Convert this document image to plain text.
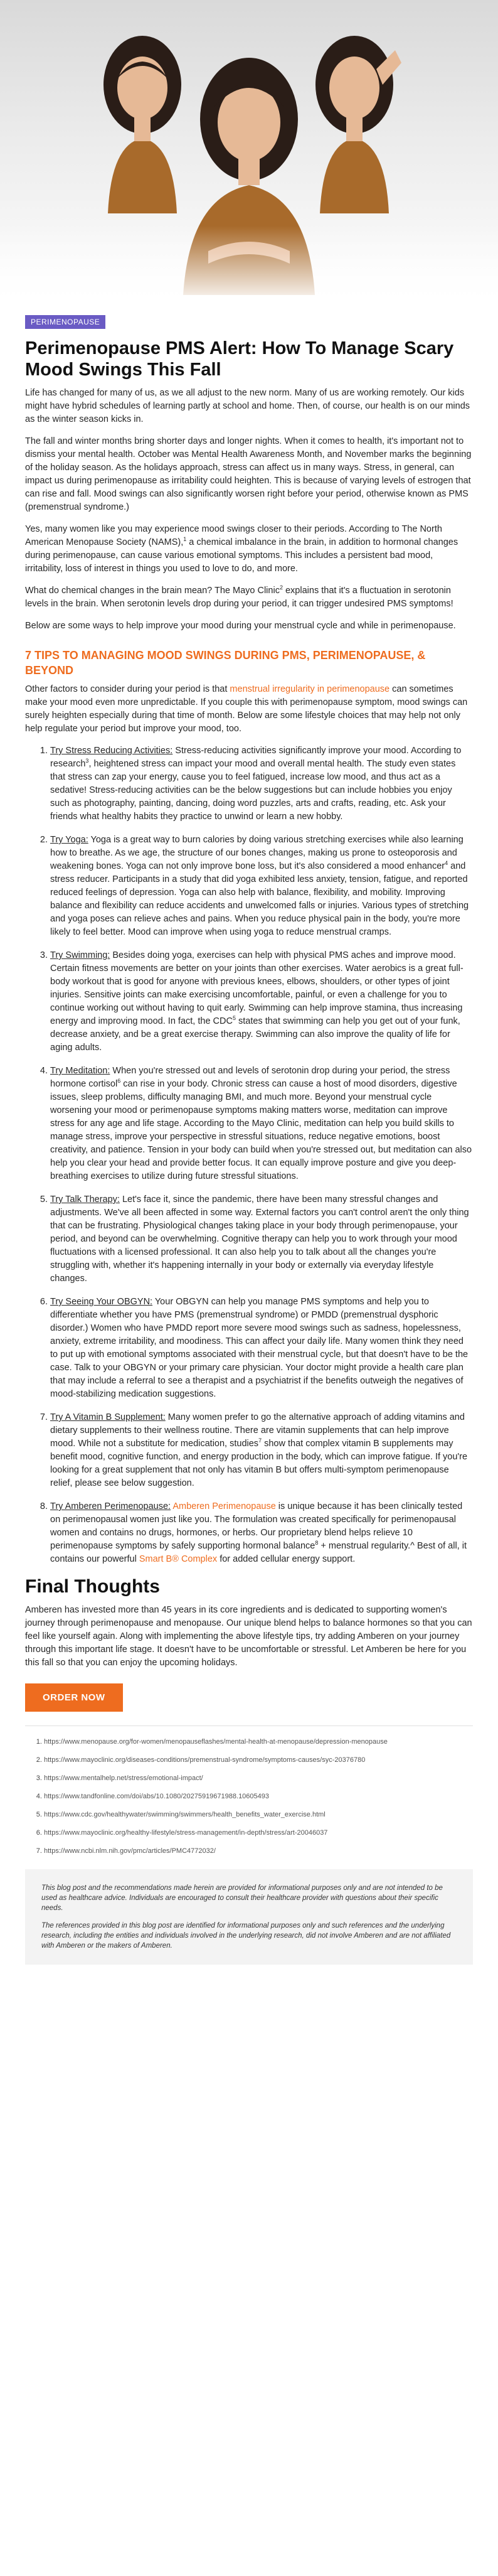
PERIMENOPAUSE
Perimenopause PMS Alert: How To Manage Scary Mood Swings This Fall

Life has changed for many of us, as we all adjust to the new norm. Many of us are working remotely. Our kids might have hybrid schedules of learning partly at school and home. Then, of course, our health is on our minds as the winter season kicks in.

The fall and winter months bring shorter days and longer nights. When it comes to health, it's important not to dismiss your mental health. October was Mental Health Awareness Month, and November marks the beginning of the holiday season. As the holidays approach, stress can affect us in many ways. Stress, in general, can impact us during perimenopause as irritability could heighten. This is because of varying levels of estrogen that can rise and fall. Mood swings can also significantly worsen right before your period, otherwise known as PMS (premenstrual syndrome.)

Yes, many women like you may experience mood swings closer to their periods. According to The North American Menopause Society (NAMS),$^1$ a chemical imbalance in the brain, in addition to hormonal changes during perimenopause, can cause various emotional symptoms. This includes a persistent bad mood, irritability, loss of interest in things you used to love to do, and more.

What do chemical changes in the brain mean? The Mayo Clinic$^2$ explains that it's a fluctuation in serotonin levels in the brain. When serotonin levels drop during your period, it can trigger undesired PMS symptoms!

Below are some ways to help improve your mood during your menstrual cycle and while in perimenopause.

7 TIPS TO MANAGING MOOD SWINGS DURING PMS, PERIMENOPAUSE, & BEYOND

Other factors to consider during your period is that menstrual irregularity in perimenopause can sometimes make your mood even more unpredictable. If you couple this with perimenopause symptom, mood swings can surely heighten especially during that time of month. Below are some lifestyle choices that may help not only help regulate your period but improve your mood, too.

1. Try Stress Reducing Activities: Stress-reducing activities significantly improve your mood. According to research$^3$, heightened stress can impact your mood and overall mental health. The study even states that stress can zap your energy, cause you to feel fatigued, increase low mood, and thus act as a sedative! Stress-reducing activities can be the below suggestions but can include hobbies you enjoy such as photography, painting, dancing, doing word puzzles, arts and crafts, reading, etc. Ask your friends what healthy habits they practice to unwind or learn a new hobby.
2. Try Yoga: Yoga is a great way to burn calories by doing various stretching exercises while also learning how to breathe. As we age, the structure of our bones changes, making us prone to osteoporosis and weakening bones. Yoga can not only improve bone loss, but it's also considered a mood enhancer$^4$ and stress reducer. Participants in a study that did yoga exhibited less anxiety, tension, fatigue, and reported reduced feelings of depression. Yoga can also help with balance, flexibility, and mobility. Improving balance and flexibility can reduce accidents and unwelcomed falls or injuries. Various types of stretching and yoga poses can relieve aches and pains. When you reduce physical pain in the body, you're more likely to feel better. Mood can improve when using yoga to reduce menstrual cramps.
3. Try Swimming: Besides doing yoga, exercises can help with physical PMS aches and improve mood. Certain fitness movements are better on your joints than other exercises. Water aerobics is a great full-body workout that is good for anyone with previous knees, elbows, shoulders, or other types of joint injuries. Sensitive joints can make exercising uncomfortable, painful, or even a challenge for you to continue working out without having to quit early. Swimming can help improve stamina, thus increasing energy and improving mood. In fact, the CDC$^5$ states that swimming can help you get out of your funk, decrease anxiety, and be a great exercise therapy. Swimming can also improve the quality of life for aging adults.
4. Try Meditation: When you're stressed out and levels of serotonin drop during your period, the stress hormone cortisol$^6$ can rise in your body. Chronic stress can cause a host of mood disorders, digestive issues, sleep problems, difficulty managing BMI, and much more. Beyond your menstrual cycle worsening your mood or perimenopause symptoms making matters worse, meditation can improve stress for any age and life stage. According to the Mayo Clinic, meditation can help you build skills to manage stress, improve your perspective in stressful situations, reduce negative emotions, boost creativity, and patience. Tension in your body can build when you're stressed out, but meditation can also help you clear your head and provide better focus. It can equally improve posture and give you deep-breathing exercises to utilize during future stressful situations.
5. Try Talk Therapy: Let's face it, since the pandemic, there have been many stressful changes and adjustments. We've all been affected in some way. External factors you can't control aren't the only thing that can be frustrating. Physiological changes taking place in your body through perimenopause, your period, and beyond can be overwhelming. Cognitive therapy can help you to work through your mood fluctuations with a licensed professional. It can also help you to talk about all the changes you're struggling with, whether it's happening internally in your body or externally via everyday lifestyle changes.
6. Try Seeing Your OBGYN: Your OBGYN can help you manage PMS symptoms and help you to differentiate whether you have PMS (premenstrual syndrome) or PMDD (premenstrual dysphoric disorder.) Women who have PMDD report more severe mood swings such as sadness, hopelessness, anxiety, extreme irritability, and moodiness. This can affect your daily life. Many women think they need to put up with emotional symptoms associated with their menstrual cycle, but that doesn't have to be the case. Talk to your OBGYN or your primary care physician. Your doctor might provide a health care plan that may include a referral to see a therapist and a psychiatrist if the benefits outweigh the negatives of mood-stabilizing medication suggestions.
7. Try A Vitamin B Supplement: Many women prefer to go the alternative approach of adding vitamins and dietary supplements to their wellness routine. There are vitamin supplements that can help improve mood. While not a substitute for medication, studies$^7$ show that complex vitamin B supplements may benefit mood, cognitive function, and energy production in the body, which can improve fatigue. If you're looking for a great supplement that not only has vitamin B but offers multi-symptom perimenopause relief, please see below suggestion.
8. Try Amberen Perimenopause: Amberen Perimenopause is unique because it has been clinically tested on perimenopausal women just like you. The formulation was created specifically for perimenopausal women and contains no drugs, hormones, or herbs. Our proprietary blend helps relieve 10 perimenopause symptoms by safely supporting hormonal balance$^8$ + menstrual regularity.^ Best of all, it contains our powerful Smart B® Complex for added cellular energy support.
Final Thoughts

Amberen has invested more than 45 years in its core ingredients and is dedicated to supporting women's journey through perimenopause and menopause. Our unique blend helps to balance hormones so that you can feel like yourself again. Along with implementing the above lifestyle tips, try adding Amberen on your journey through this important life stage. It doesn't have to be uncomfortable or stressful. Let Amberen be here for you this fall so that you can enjoy the upcoming holidays.

ORDER NOW
1. https://www.menopause.org/for-women/menopauseflashes/mental-health-at-menopause/depression-menopause
2. https://www.mayoclinic.org/diseases-conditions/premenstrual-syndrome/symptoms-causes/syc-20376780
3. https://www.mentalhelp.net/stress/emotional-impact/
4. https://www.tandfonline.com/doi/abs/10.1080/20275919671988.10605493
5. https://www.cdc.gov/healthywater/swimming/swimmers/health_benefits_water_exercise.html
6. https://www.mayoclinic.org/healthy-lifestyle/stress-management/in-depth/stress/art-20046037
7. https://www.ncbi.nlm.nih.gov/pmc/articles/PMC4772032/

This blog post and the recommendations made herein are provided for informational purposes only and are not intended to be used as healthcare advice. Individuals are encouraged to consult their healthcare provider with questions about their specific needs.

The references provided in this blog post are identified for informational purposes only and such references and the underlying research, including the entities and individuals involved in the underlying research, did not involve Amberen and are not affiliated with Amberen or the makers of Amberen.
